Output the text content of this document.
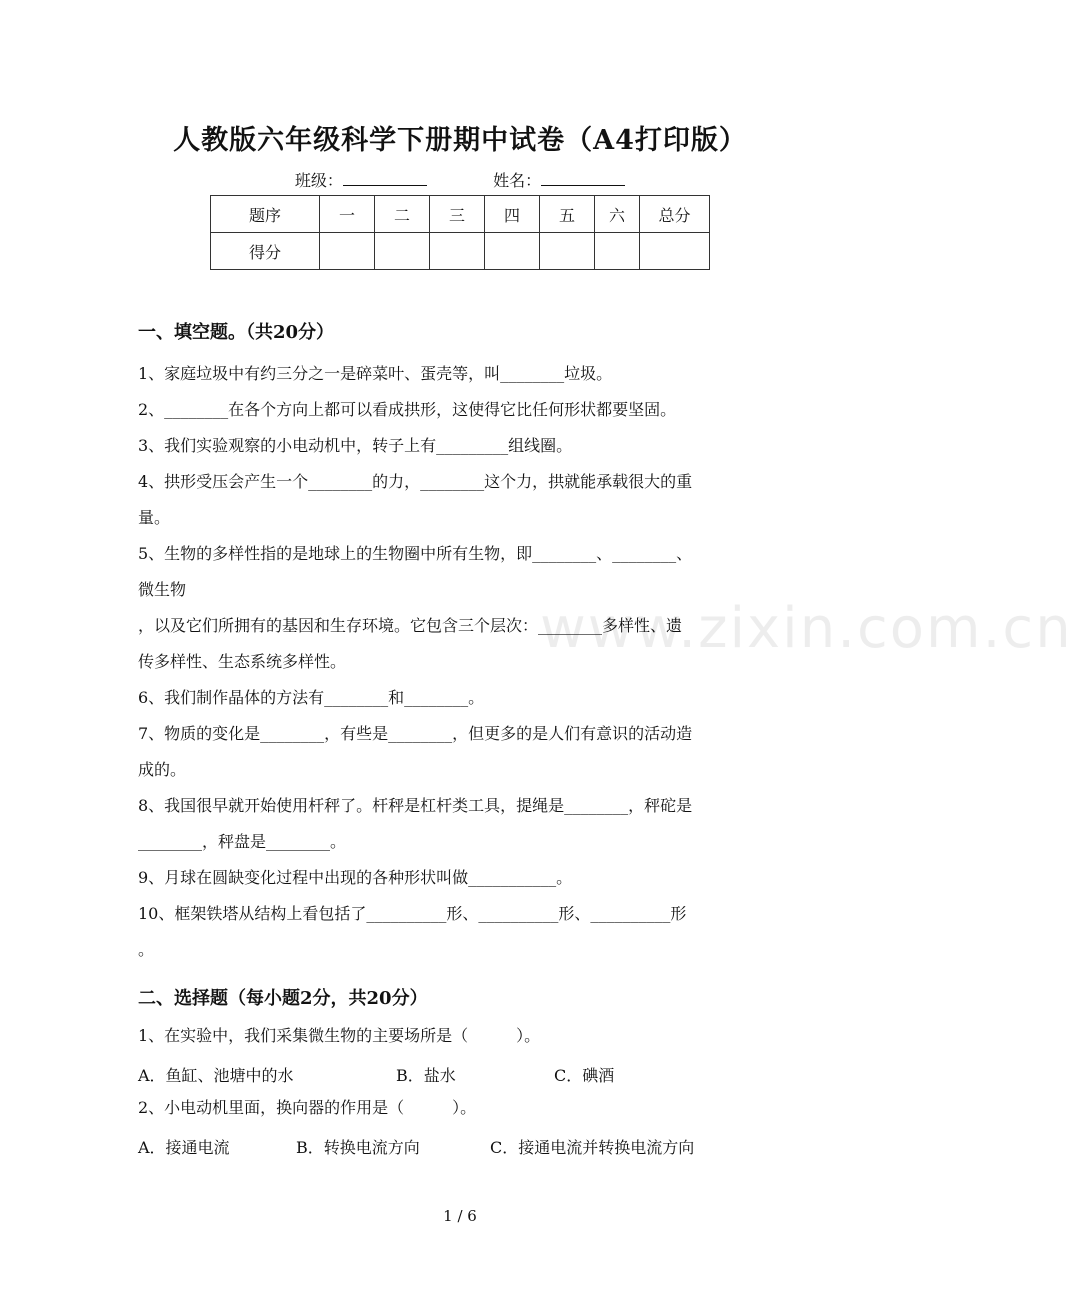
人教版六年级科学下册期中试卷（A4打印版）
班级：	姓名：
题序	一	二	三	四	五	六	总分
得分							
一、填空题。（共20分）
1、家庭垃圾中有约三分之一是碎菜叶、蛋壳等，叫________垃圾。
2、________在各个方向上都可以看成拱形，这使得它比任何形状都要坚固。
3、我们实验观察的小电动机中，转子上有_________组线圈。
4、拱形受压会产生一个________的力，________这个力，拱就能承载很大的重
量。
5、生物的多样性指的是地球上的生物圈中所有生物，即________、________、
微生物
，以及它们所拥有的基因和生存环境。它包含三个层次：________多样性、遗
传多样性、生态系统多样性。
6、我们制作晶体的方法有________和________。
7、物质的变化是________，有些是________，但更多的是人们有意识的活动造
成的。
8、我国很早就开始使用杆秤了。杆秤是杠杆类工具，提绳是________，秤砣是
________，秤盘是________。
9、月球在圆缺变化过程中出现的各种形状叫做___________。
10、框架铁塔从结构上看包括了__________形、__________形、__________形
。
二、选择题（每小题2分，共20分）
1、在实验中，我们采集微生物的主要场所是（　　　）。
A．鱼缸、池塘中的水	B．盐水	C．碘酒
2、小电动机里面，换向器的作用是（　　　）。
A．接通电流	B．转换电流方向	C．接通电流并转换电流方向
www.zixin.com.cn
1 / 6
